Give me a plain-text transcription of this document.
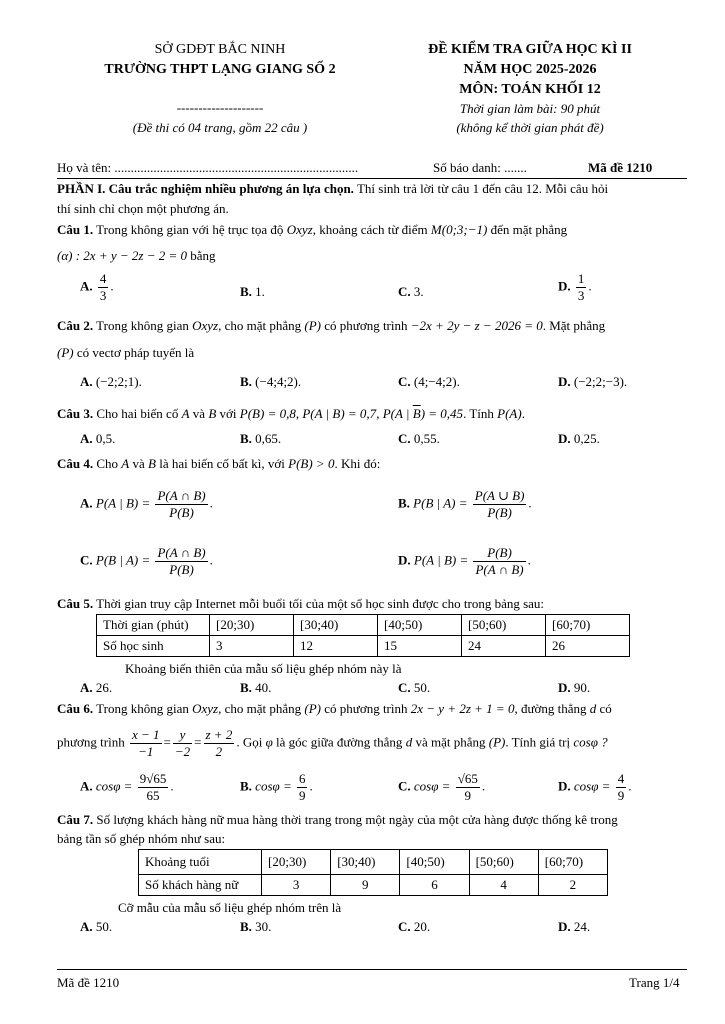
SỞ GDĐT BẮC NINH
TRƯỜNG THPT LẠNG GIANG SỐ 2
--------------------
(Đề thi có 04 trang, gồm 22 câu )
ĐỀ KIỂM TRA GIỮA HỌC KÌ II
NĂM HỌC 2025-2026
MÔN: TOÁN KHỐI 12
Thời gian làm bài: 90 phút
(không kể thời gian phát đề)
Họ và tên: ...........................................................................	Số báo danh: .......	Mã đề 1210
PHẦN I. Câu trắc nghiệm nhiều phương án lựa chọn. Thí sinh trả lời từ câu 1 đến câu 12. Mỗi câu hỏi
thí sinh chỉ chọn một phương án.
Câu 1. Trong không gian với hệ trục tọa độ Oxyz, khoảng cách từ điểm M(0;3;−1) đến mặt phẳng
(α) : 2x + y − 2z − 2 = 0 bằng
A. $\frac{4}{3}$ .	B. 1.	C. 3.	D. $\frac{1}{3}$ .
Câu 2. Trong không gian Oxyz, cho mặt phẳng (P) có phương trình −2x + 2y − z − 2026 = 0. Mặt phẳng
(P) có vectơ pháp tuyến là
A. (−2;2;1).	B. (−4;4;2).	C. (4;−4;2).	D. (−2;2;−3).
Câu 3. Cho hai biến cố A và B với P(B) = 0,8, P(A | B) = 0,7, P(A | $\overline{B}) = 0,45$. Tính P(A).
A. 0,5.	B. 0,65.	C. 0,55.	D. 0,25.
Câu 4. Cho A và B là hai biến cố bất kì, với P(B) > 0. Khi đó:
A. P(A | $B) = \frac{P(A \cap B)}{P(B)}$ .	B. P(B | $A) = \frac{P(A \cup B)}{P(B)}$ .
C. P(B | $A) = \frac{P(A \cap B)}{P(B)}$ .	D. P(A | $B) = \frac{P(B)}{P(A \cap B)}$ .
Câu 5. Thời gian truy cập Internet mỗi buổi tối của một số học sinh được cho trong bảng sau:
Thời gian (phút)	[20;30)	[30;40)	[40;50)	[50;60)	[60;70)
Số học sinh	3	12	15	24	26
Khoảng biến thiên của mẫu số liệu ghép nhóm này là
A. 26.	B. 40.	C. 50.	D. 90.
Câu 6. Trong không gian Oxyz, cho mặt phẳng (P) có phương trình 2x − y + 2z + 1 = 0, đường thẳng d có
phương trình $\frac{x - 1}{-1} = \frac{y}{-2} = \frac{z + 2}{2}$ . Gọi φ là góc giữa đường thẳng d và mặt phẳng (P). Tính giá trị cosφ ?
A. $\cos\varphi = \frac{9√65}{65}$ .	B. $\cos\varphi = \frac{6}{9}$ .	C. $\cos\varphi = \frac{√65}{9}$ .	D. $\cos\varphi = \frac{4}{9}$ .
Câu 7. Số lượng khách hàng nữ mua hàng thời trang trong một ngày của một cửa hàng được thống kê trong
bảng tần số ghép nhóm như sau:
Khoảng tuổi	[20;30)	[30;40)	[40;50)	[50;60)	[60;70)
Số khách hàng nữ	3	9	6	4	2
Cỡ mẫu của mẫu số liệu ghép nhóm trên là
A. 50.	B. 30.	C. 20.	D. 24.
Mã đề 1210	Trang 1/4
